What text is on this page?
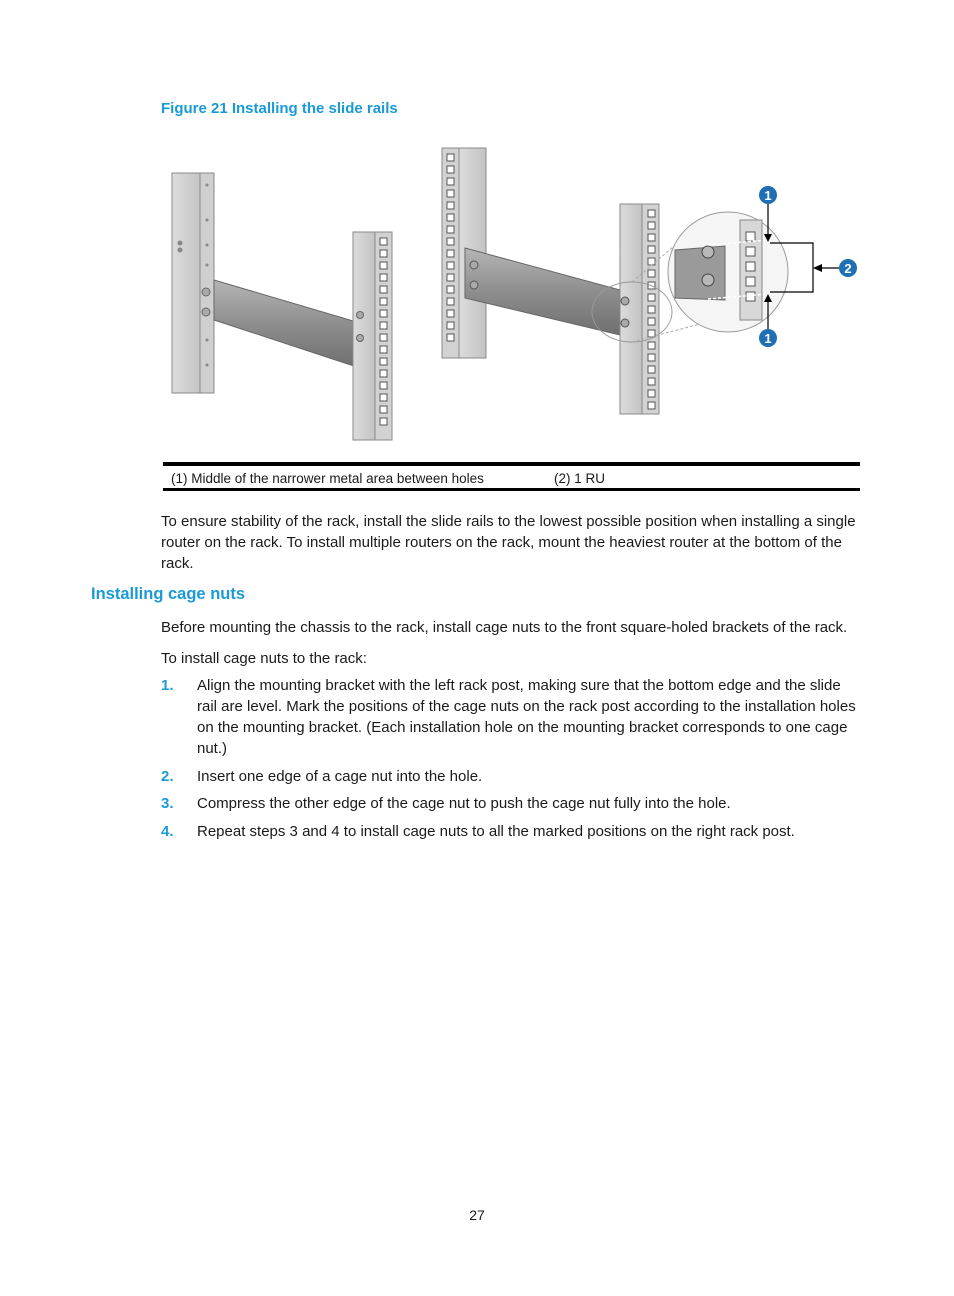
Figure 21 Installing the slide rails
1
2
1
(1) Middle of the narrower metal area between holes	(2) 1 RU

To ensure stability of the rack, install the slide rails to the lowest possible position when installing a single router on the rack. To install multiple routers on the rack, mount the heaviest router at the bottom of the rack.

Installing cage nuts

Before mounting the chassis to the rack, install cage nuts to the front square-holed brackets of the rack.

To install cage nuts to the rack:

1. Align the mounting bracket with the left rack post, making sure that the bottom edge and the slide rail are level. Mark the positions of the cage nuts on the rack post according to the installation holes on the mounting bracket. (Each installation hole on the mounting bracket corresponds to one cage nut.)
2. Insert one edge of a cage nut into the hole.
3. Compress the other edge of the cage nut to push the cage nut fully into the hole.
4. Repeat steps 3 and 4 to install cage nuts to all the marked positions on the right rack post.
27
